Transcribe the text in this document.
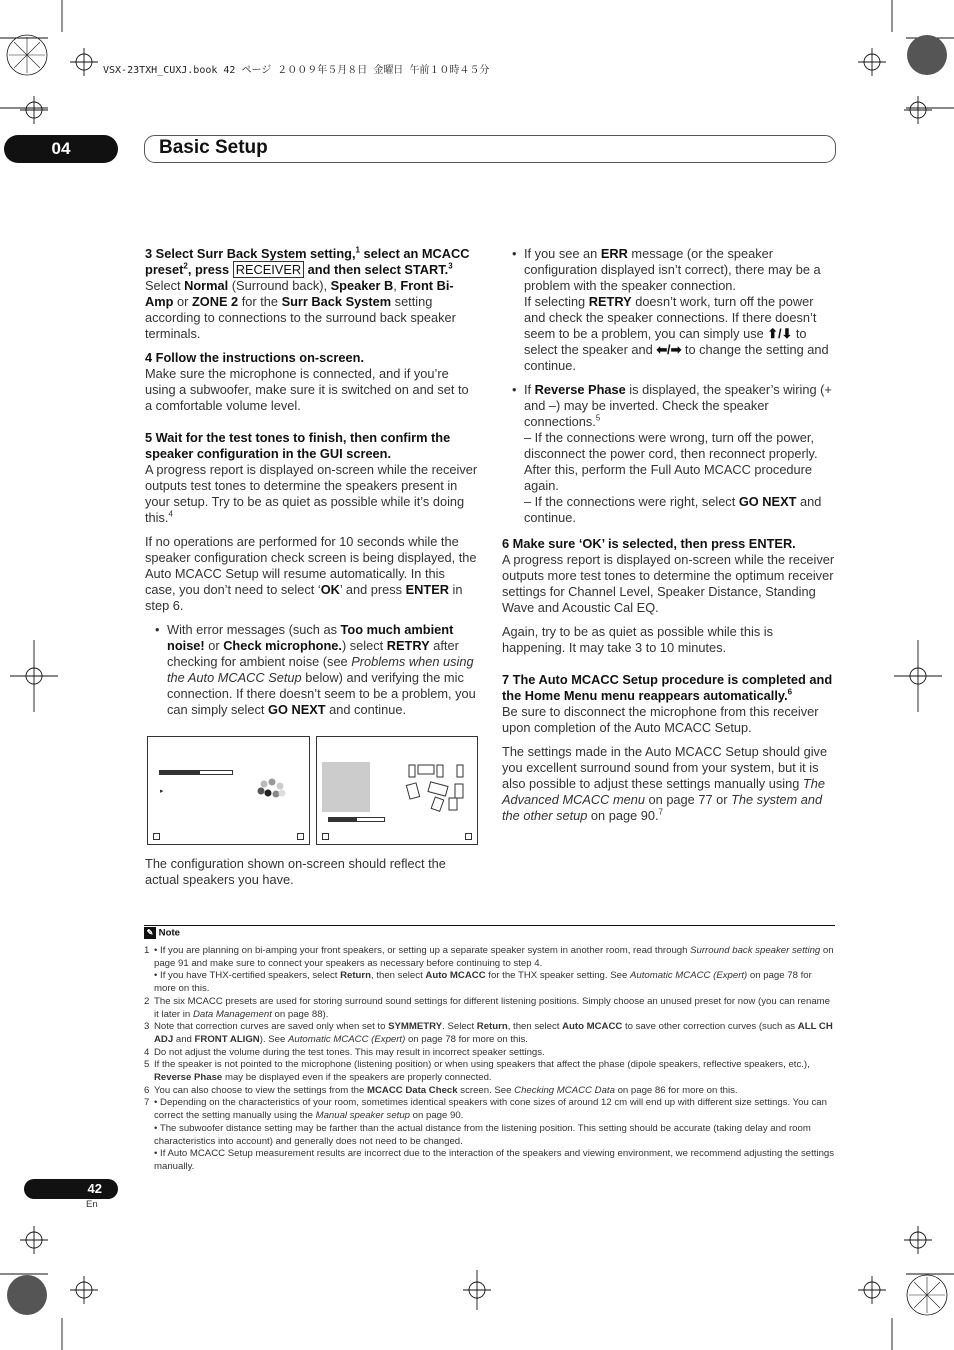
VSX-23TXH_CUXJ.book 42 ページ ２００９年５月８日 金曜日 午前１０時４５分
04	Basic Setup
3 Select Surr Back System setting,$^1$ select an MCACC preset$^2$, press RECEIVER and then select START.$^3$

Select Normal (Surround back), Speaker B, Front Bi-Amp or ZONE 2 for the Surr Back System setting according to connections to the surround back speaker terminals.

4 Follow the instructions on-screen.

Make sure the microphone is connected, and if you’re using a subwoofer, make sure it is switched on and set to a comfortable volume level.

5 Wait for the test tones to finish, then confirm the speaker configuration in the GUI screen.

A progress report is displayed on-screen while the receiver outputs test tones to determine the speakers present in your setup. Try to be as quiet as possible while it’s doing this.$^4$

If no operations are performed for 10 seconds while the speaker configuration check screen is being displayed, the Auto MCACC Setup will resume automatically. In this case, you don’t need to select ‘OK’ and press ENTER in step 6.

• With error messages (such as Too much ambient noise! or Check microphone.) select RETRY after checking for ambient noise (see Problems when using the Auto MCACC Setup below) and verifying the mic connection. If there doesn’t seem to be a problem, you can simply select GO NEXT and continue.
▸
The configuration shown on-screen should reflect the actual speakers you have.
• If you see an ERR message (or the speaker configuration displayed isn’t correct), there may be a problem with the speaker connection.
If selecting RETRY doesn’t work, turn off the power and check the speaker connections. If there doesn’t seem to be a problem, you can simply use ⬆/⬇ to select the speaker and ⬅/➡ to change the setting and continue.
• If Reverse Phase is displayed, the speaker’s wiring (+ and –) may be inverted. Check the speaker connections.$^5$
– If the connections were wrong, turn off the power, disconnect the power cord, then reconnect properly. After this, perform the Full Auto MCACC procedure again.
– If the connections were right, select GO NEXT and continue.
6 Make sure ‘OK’ is selected, then press ENTER.

A progress report is displayed on-screen while the receiver outputs more test tones to determine the optimum receiver settings for Channel Level, Speaker Distance, Standing Wave and Acoustic Cal EQ.

Again, try to be as quiet as possible while this is happening. It may take 3 to 10 minutes.

7 The Auto MCACC Setup procedure is completed and the Home Menu menu reappears automatically.$^6$

Be sure to disconnect the microphone from this receiver upon completion of the Auto MCACC Setup.

The settings made in the Auto MCACC Setup should give you excellent surround sound from your system, but it is also possible to adjust these settings manually using The Advanced MCACC menu on page 77 or The system and the other setup on page 90.$^7$

✎ Note
1 • If you are planning on bi-amping your front speakers, or setting up a separate speaker system in another room, read through Surround back speaker setting on page 91 and make sure to connect your speakers as necessary before continuing to step 4.
• If you have THX-certified speakers, select Return, then select Auto MCACC for the THX speaker setting. See Automatic MCACC (Expert) on page 78 for more on this.
2 The six MCACC presets are used for storing surround sound settings for different listening positions. Simply choose an unused preset for now (you can rename it later in Data Management on page 88).
3 Note that correction curves are saved only when set to SYMMETRY. Select Return, then select Auto MCACC to save other correction curves (such as ALL CH ADJ and FRONT ALIGN). See Automatic MCACC (Expert) on page 78 for more on this.
4 Do not adjust the volume during the test tones. This may result in incorrect speaker settings.
5 If the speaker is not pointed to the microphone (listening position) or when using speakers that affect the phase (dipole speakers, reflective speakers, etc.), Reverse Phase may be displayed even if the speakers are properly connected.
6 You can also choose to view the settings from the MCACC Data Check screen. See Checking MCACC Data on page 86 for more on this.
7 • Depending on the characteristics of your room, sometimes identical speakers with cone sizes of around 12 cm will end up with different size settings. You can correct the setting manually using the Manual speaker setup on page 90.
• The subwoofer distance setting may be farther than the actual distance from the listening position. This setting should be accurate (taking delay and room characteristics into account) and generally does not need to be changed.
• If Auto MCACC Setup measurement results are incorrect due to the interaction of the speakers and viewing environment, we recommend adjusting the settings manually.
42
En
